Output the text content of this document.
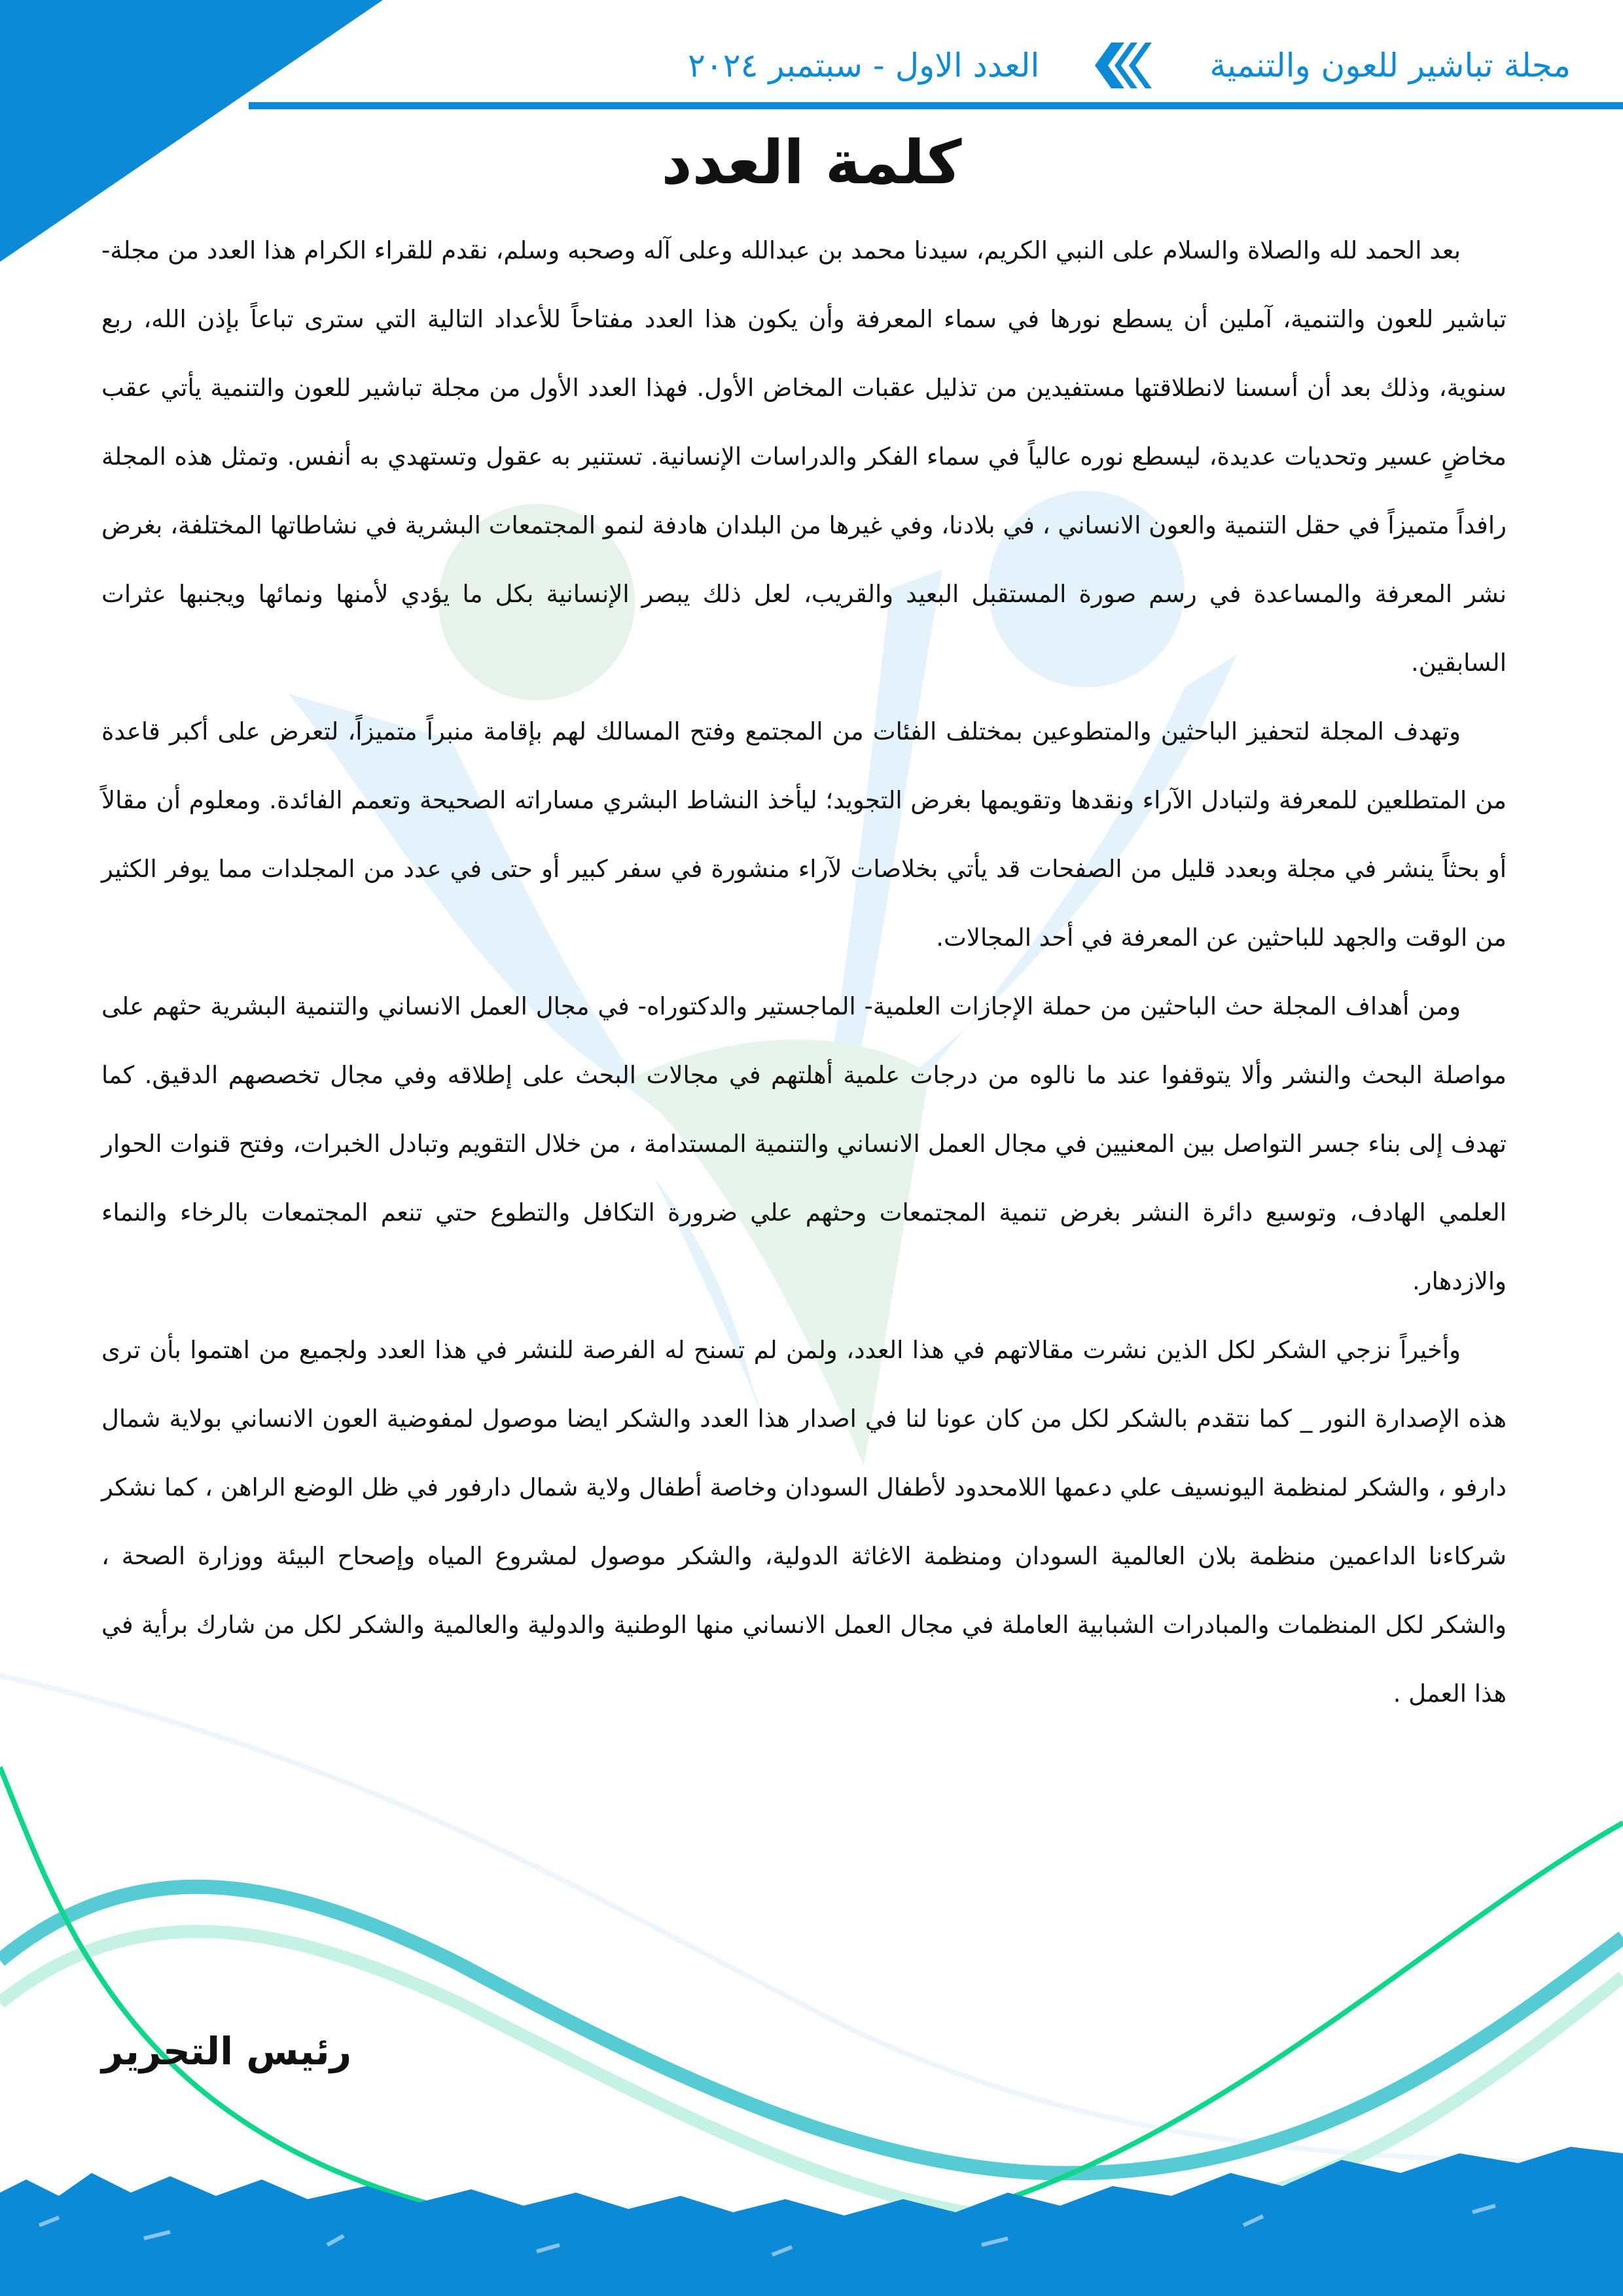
مجلة تباشير للعون والتنمية
العدد الاول - سبتمبر ٢٠٢٤
كلمة العدد

بعد الحمد لله والصلاة والسلام على النبي الكريم، سيدنا محمد بن عبدالله وعلى آله وصحبه وسلم، نقدم للقراء الكرام هذا العدد من مجلة- تباشير للعون والتنمية، آملين أن يسطع نورها في سماء المعرفة وأن يكون هذا العدد مفتاحاً للأعداد التالية التي سترى تباعاً بإذن الله، ربع سنوية، وذلك بعد أن أسسنا لانطلاقتها مستفيدين من تذليل عقبات المخاض الأول. فهذا العدد الأول من مجلة تباشير للعون والتنمية يأتي عقب مخاضٍ عسير وتحديات عديدة، ليسطع نوره عالياً في سماء الفكر والدراسات الإنسانية. تستنير به عقول وتستهدي به أنفس. وتمثل هذه المجلة رافداً متميزاً في حقل التنمية والعون الانساني ، في بلادنا، وفي غيرها من البلدان هادفة لنمو المجتمعات البشرية في نشاطاتها المختلفة، بغرض نشر المعرفة والمساعدة في رسم صورة المستقبل البعيد والقريب، لعل ذلك يبصر الإنسانية بكل ما يؤدي لأمنها ونمائها ويجنبها عثرات السابقين.

وتهدف المجلة لتحفيز الباحثين والمتطوعين بمختلف الفئات من المجتمع وفتح المسالك لهم بإقامة منبراً متميزاً، لتعرض على أكبر قاعدة من المتطلعين للمعرفة ولتبادل الآراء ونقدها وتقويمها بغرض التجويد؛ ليأخذ النشاط البشري مساراته الصحيحة وتعمم الفائدة. ومعلوم أن مقالاً أو بحثاً ينشر في مجلة وبعدد قليل من الصفحات قد يأتي بخلاصات لآراء منشورة في سفر كبير أو حتى في عدد من المجلدات مما يوفر الكثير من الوقت والجهد للباحثين عن المعرفة في أحد المجالات.

ومن أهداف المجلة حث الباحثين من حملة الإجازات العلمية- الماجستير والدكتوراه- في مجال العمل الانساني والتنمية البشرية حثهم على مواصلة البحث والنشر وألا يتوقفوا عند ما نالوه من درجات علمية أهلتهم في مجالات البحث على إطلاقه وفي مجال تخصصهم الدقيق. كما تهدف إلى بناء جسر التواصل بين المعنيين في مجال العمل الانساني والتنمية المستدامة ، من خلال التقويم وتبادل الخبرات، وفتح قنوات الحوار العلمي الهادف، وتوسيع دائرة النشر بغرض تنمية المجتمعات وحثهم علي ضرورة التكافل والتطوع حتي تنعم المجتمعات بالرخاء والنماء والازدهار.

وأخيراً نزجي الشكر لكل الذين نشرت مقالاتهم في هذا العدد، ولمن لم تسنح له الفرصة للنشر في هذا العدد ولجميع من اهتموا بأن ترى هذه الإصدارة النور _ كما نتقدم بالشكر لكل من كان عونا لنا في اصدار هذا العدد والشكر ايضا موصول لمفوضية العون الانساني بولاية شمال دارفو ، والشكر لمنظمة اليونسيف علي دعمها اللامحدود لأطفال السودان وخاصة أطفال ولاية شمال دارفور في ظل الوضع الراهن ، كما نشكر شركاءنا الداعمين منظمة بلان العالمية السودان ومنظمة الاغاثة الدولية، والشكر موصول لمشروع المياه وإصحاح البيئة ووزارة الصحة ، والشكر لكل المنظمات والمبادرات الشبابية العاملة في مجال العمل الانساني منها الوطنية والدولية والعالمية والشكر لكل من شارك برأية في هذا العمل .

رئيس التحرير
